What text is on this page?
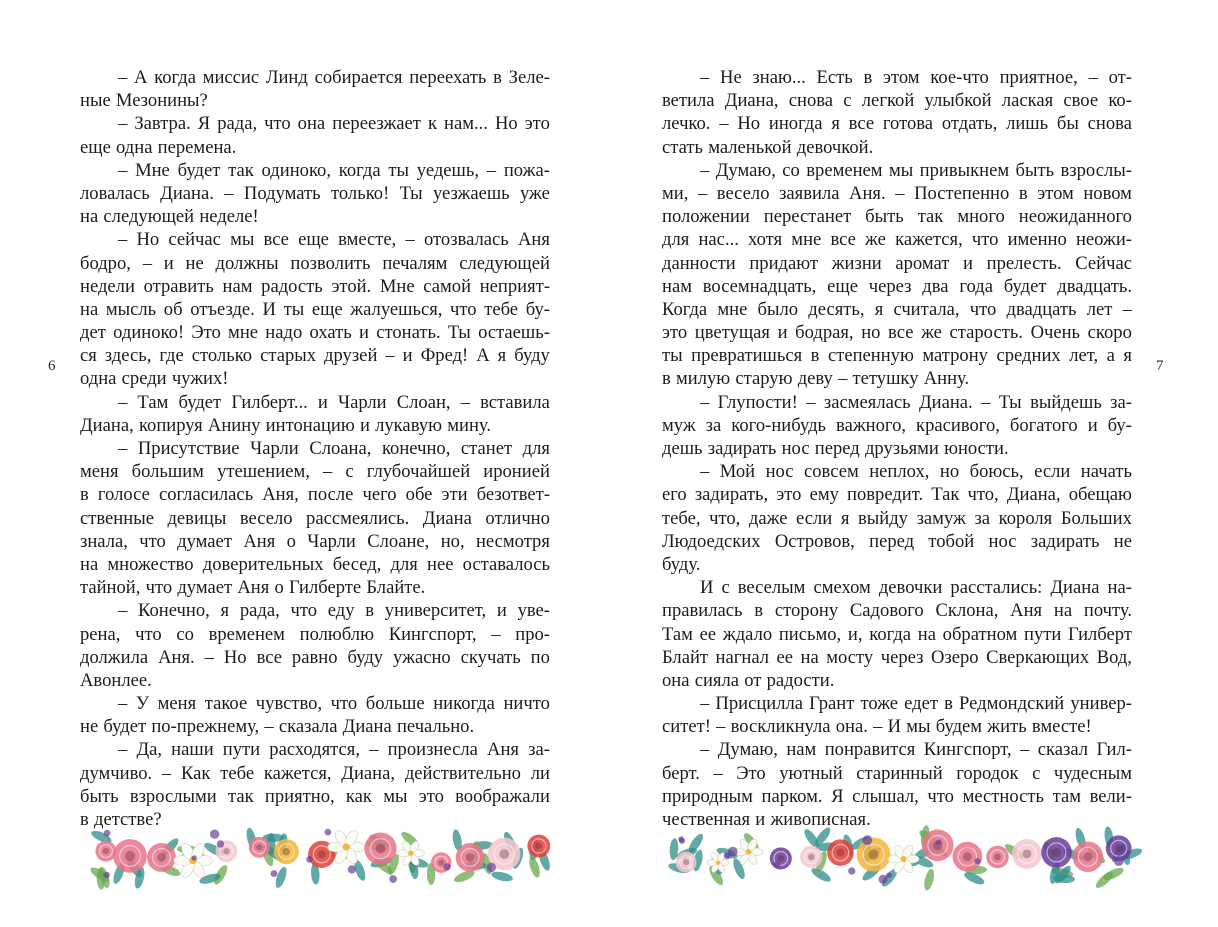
– А когда миссис Линд собирается переехать в Зеле-
ные Мезонины?
– Завтра. Я рада, что она переезжает к нам... Но это
еще одна перемена.
– Мне будет так одиноко, когда ты уедешь, – пожа-
ловалась Диана. – Подумать только! Ты уезжаешь уже
на следующей неделе!
– Но сейчас мы все еще вместе, – отозвалась Аня
бодро, – и не должны позволить печалям следующей
недели отравить нам радость этой. Мне самой неприят-
на мысль об отъезде. И ты еще жалуешься, что тебе бу-
дет одиноко! Это мне надо охать и стонать. Ты остаешь-
ся здесь, где столько старых друзей – и Фред! А я буду
одна среди чужих!
– Там будет Гилберт... и Чарли Слоан, – вставила
Диана, копируя Анину интонацию и лукавую мину.
– Присутствие Чарли Слоана, конечно, станет для
меня большим утешением, – с глубочайшей иронией
в голосе согласилась Аня, после чего обе эти безответ-
ственные девицы весело рассмеялись. Диана отлично
знала, что думает Аня о Чарли Слоане, но, несмотря
на множество доверительных бесед, для нее оставалось
тайной, что думает Аня о Гилберте Блайте.
– Конечно, я рада, что еду в университет, и уве-
рена, что со временем полюблю Кингспорт, – про-
должила Аня. – Но все равно буду ужасно скучать по
Авонлее.
– У меня такое чувство, что больше никогда ничто
не будет по-прежнему, – сказала Диана печально.
– Да, наши пути расходятся, – произнесла Аня за-
думчиво. – Как тебе кажется, Диана, действительно ли
быть взрослыми так приятно, как мы это воображали
в детстве?
6
– Не знаю... Есть в этом кое-что приятное, – от-
ветила Диана, снова с легкой улыбкой лаская свое ко-
лечко. – Но иногда я все готова отдать, лишь бы снова
стать маленькой девочкой.
– Думаю, со временем мы привыкнем быть взрослы-
ми, – весело заявила Аня. – Постепенно в этом новом
положении перестанет быть так много неожиданного
для нас... хотя мне все же кажется, что именно неожи-
данности придают жизни аромат и прелесть. Сейчас
нам восемнадцать, еще через два года будет двадцать.
Когда мне было десять, я считала, что двадцать лет –
это цветущая и бодрая, но все же старость. Очень скоро
ты превратишься в степенную матрону средних лет, а я
в милую старую деву – тетушку Анну.
– Глупости! – засмеялась Диана. – Ты выйдешь за-
муж за кого-нибудь важного, красивого, богатого и бу-
дешь задирать нос перед друзьями юности.
– Мой нос совсем неплох, но боюсь, если начать
его задирать, это ему повредит. Так что, Диана, обещаю
тебе, что, даже если я выйду замуж за короля Больших
Людоедских Островов, перед тобой нос задирать не
буду.
И с веселым смехом девочки расстались: Диана на-
правилась в сторону Садового Склона, Аня на почту.
Там ее ждало письмо, и, когда на обратном пути Гилберт
Блайт нагнал ее на мосту через Озеро Сверкающих Вод,
она сияла от радости.
– Присцилла Грант тоже едет в Редмондский универ-
ситет! – воскликнула она. – И мы будем жить вместе!
– Думаю, нам понравится Кингспорт, – сказал Гил-
берт. – Это уютный старинный городок с чудесным
природным парком. Я слышал, что местность там вели-
чественная и живописная.
7
